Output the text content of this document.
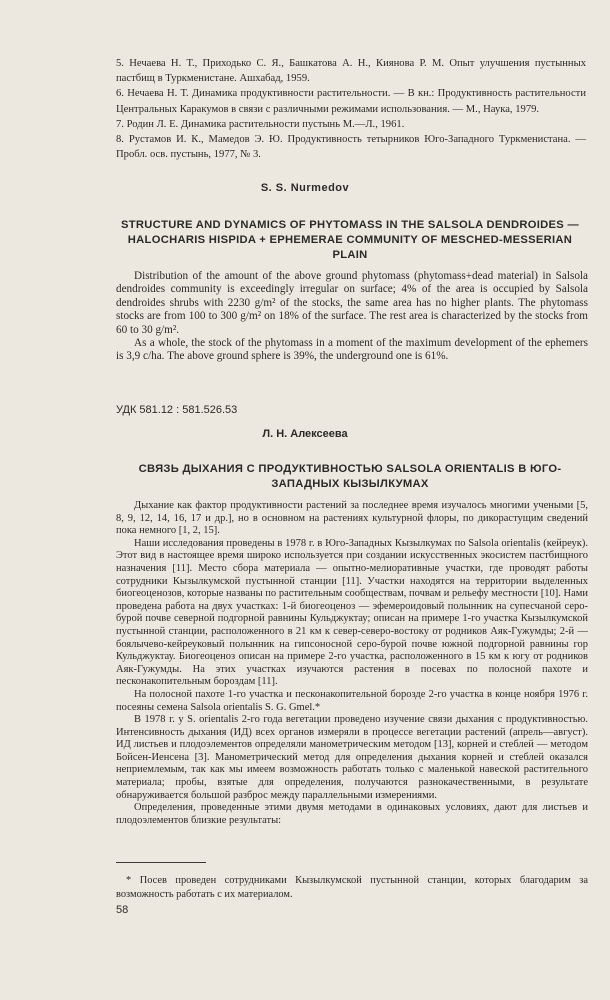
5. Нечаева Н. Т., Приходько С. Я., Башкатова А. Н., Киянова Р. М. Опыт улучшения пустынных пастбищ в Туркменистане. Ашхабад, 1959.

6. Нечаева Н. Т. Динамика продуктивности растительности. — В кн.: Продуктивность растительности Центральных Каракумов в связи с различными режимами использования. — М., Наука, 1979.

7. Родин Л. Е. Динамика растительности пустынь М.—Л., 1961.

8. Рустамов И. К., Мамедов Э. Ю. Продуктивность тетырников Юго-Западного Туркменистана. — Пробл. осв. пустынь, 1977, № 3.

S. S. Nurmedov
STRUCTURE AND DYNAMICS OF PHYTOMASS IN THE SALSOLA DENDROIDES — HALOCHARIS HISPIDA + EPHEMERAE COMMUNITY OF MESCHED-MESSERIAN PLAIN

Distribution of the amount of the above ground phytomass (phytomass+dead material) in Salsola dendroides community is exceedingly irregular on surface; 4% of the area is occupied by Salsola dendroides shrubs with 2230 g/m² of the stocks, the same area has no higher plants. The phytomass stocks are from 100 to 300 g/m² on 18% of the surface. The rest area is characterized by the stocks from 60 to 30 g/m².

As a whole, the stock of the phytomass in a moment of the maximum development of the ephemers is 3,9 c/ha. The above ground sphere is 39%, the underground one is 61%.

УДК 581.12 : 581.526.53
Л. Н. Алексеева
СВЯЗЬ ДЫХАНИЯ С ПРОДУКТИВНОСТЬЮ SALSOLA ORIENTALIS В ЮГО-ЗАПАДНЫХ КЫЗЫЛКУМАХ

Дыхание как фактор продуктивности растений за последнее время изучалось многими учеными [5, 8, 9, 12, 14, 16, 17 и др.], но в основном на растениях культурной флоры, по дикорастущим сведений пока немного [1, 2, 15].

Наши исследования проведены в 1978 г. в Юго-Западных Кызылкумах по Salsola orientalis (кейреук). Этот вид в настоящее время широко используется при создании искусственных экосистем пастбищного назначения [11]. Место сбора материала — опытно-мелиоративные участки, где проводят работы сотрудники Кызылкумской пустынной станции [11]. Участки находятся на территории выделенных биогеоценозов, которые названы по растительным сообществам, почвам и рельефу местности [10]. Нами проведена работа на двух участках: 1-й биогеоценоз — эфемероидовый полынник на супесчаной серо-бурой почве северной подгорной равнины Кульджуктау; описан на примере 1-го участка Кызылкумской пустынной станции, расположенного в 21 км к север-северо-востоку от родников Аяк-Гужумды; 2-й — боялычево-кейреуковый полынник на гипсоносной серо-бурой почве южной подгорной равнины гор Кульджуктау. Биогеоценоз описан на примере 2-го участка, расположенного в 15 км к югу от родников Аяк-Гужумды. На этих участках изучаются растения в посевах по полосной пахоте и песконакопительным бороздам [11].

На полосной пахоте 1-го участка и песконакопительной борозде 2-го участка в конце ноября 1976 г. посеяны семена Salsola orientalis S. G. Gmel.*

В 1978 г. у S. orientalis 2-го года вегетации проведено изучение связи дыхания с продуктивностью. Интенсивность дыхания (ИД) всех органов измеряли в процессе вегетации растений (апрель—август). ИД листьев и плодоэлементов определяли манометрическим методом [13], корней и стеблей — методом Бойсен-Иенсена [3]. Манометрический метод для определения дыхания корней и стеблей оказался неприемлемым, так как мы имеем возможность работать только с маленькой навеской растительного материала; пробы, взятые для определения, получаются разнокачественными, в результате обнаруживается большой разброс между параллельными измерениями.

Определения, проведенные этими двумя методами в одинаковых условиях, дают для листьев и плодоэлементов близкие результаты:

* Посев проведен сотрудниками Кызылкумской пустынной станции, которых благодарим за возможность работать с их материалом.
58
